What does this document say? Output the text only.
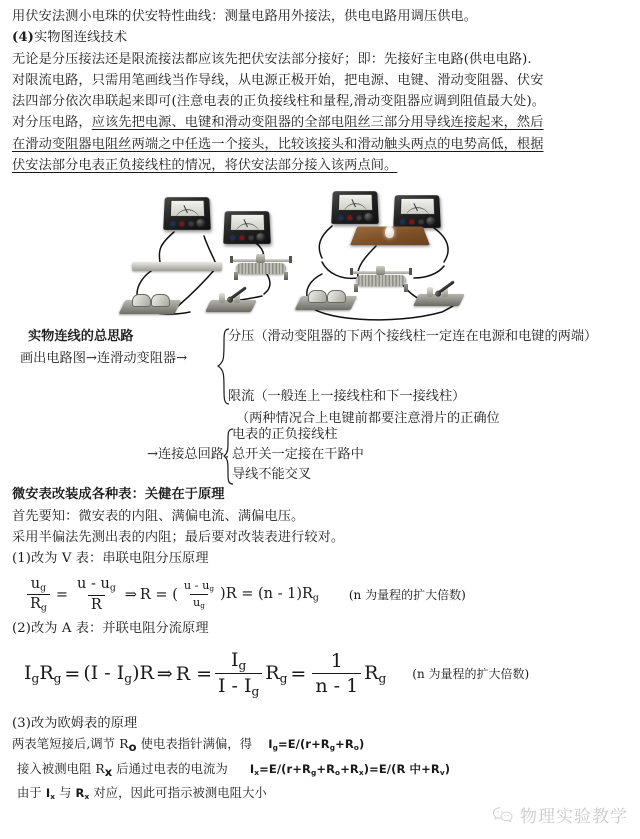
用伏安法测小电珠的伏安特性曲线：测量电路用外接法，供电电路用调压供电。
(4)实物图连线技术
无论是分压接法还是限流接法都应该先把伏安法部分接好；即：先接好主电路(供电电路).
对限流电路，只需用笔画线当作导线，从电源正极开始，把电源、电键、滑动变阻器、伏安
法四部分依次串联起来即可(注意电表的正负接线柱和量程,滑动变阻器应调到阻值最大处)。
对分压电路，应该先把电源、电键和滑动变阻器的全部电阻丝三部分用导线连接起来，然后
在滑动变阻器电阻丝两端之中任选一个接头，比较该接头和滑动触头两点的电势高低，根据
伏安法部分电表正负接线柱的情况，将伏安法部分接入该两点间。
实物连线的总思路
画出电路图→连滑动变阻器→
分压（滑动变阻器的下两个接线柱一定连在电源和电键的两端）
限流（一般连上一接线柱和下一接线柱）
（两种情况合上电键前都要注意滑片的正确位
→连接总回路：
电表的正负接线柱
总开关一定接在干路中
导线不能交叉
微安表改装成各种表：关健在于原理
首先要知：微安表的内阻、满偏电流、满偏电压。
采用半偏法先测出表的内阻；最后要对改装表进行较对。
(1)改为 V 表：串联电阻分压原理
$\frac{u_g}{R_g} = \frac{u - u_g}{R}$ ⇒ R = ( $\frac{u - u_g}{u_g} )R = (n - 1)R_g$	(n 为量程的扩大倍数)
(2)改为 A 表：并联电阻分流原理
$I_gR_g = (I - I_g)R$ ⇒ $R = \frac{I_g}{I - I_g} R_g = \frac{1}{n - 1} R_g$ (n 为量程的扩大倍数)
(3)改为欧姆表的原理
两表笔短接后,调节 $R_o$ 使电表指针满偏，得 $I_g=E/(r+R_g+R_o)$
接入被测电阻 $R_x$ 后通过电表的电流为 $I_x=E/(r+R_g+R_o+R_x)=E/(R$ 中$+R_v$)
由于 $I_x$ 与 $R_x$ 对应，因此可指示被测电阻大小
物理实验教学
